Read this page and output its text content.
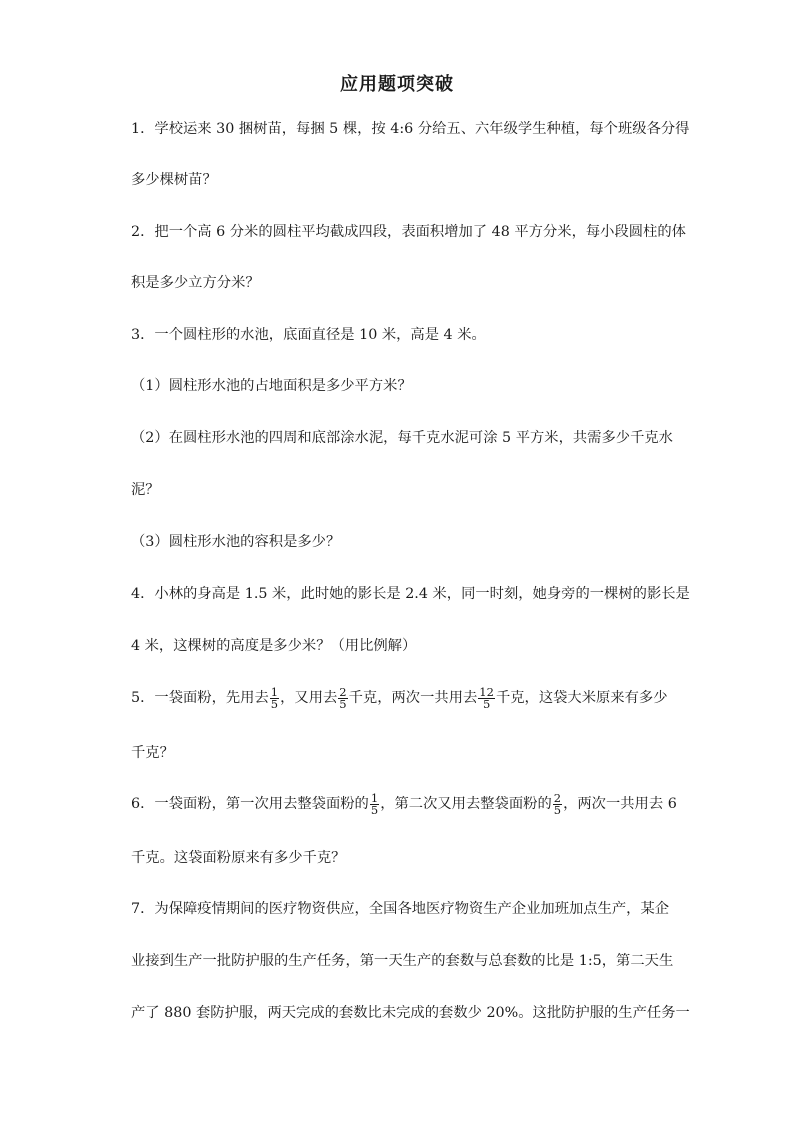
应用题项突破
1．学校运来 30 捆树苗，每捆 5 棵，按 4:6 分给五、六年级学生种植，每个班级各分得
多少棵树苗？
2．把一个高 6 分米的圆柱平均截成四段，表面积增加了 48 平方分米，每小段圆柱的体
积是多少立方分米？
3．一个圆柱形的水池，底面直径是 10 米，高是 4 米。
（1）圆柱形水池的占地面积是多少平方米？
（2）在圆柱形水池的四周和底部涂水泥，每千克水泥可涂 5 平方米，共需多少千克水
泥？
（3）圆柱形水池的容积是多少？
4．小林的身高是 1.5 米，此时她的影长是 2.4 米，同一时刻，她身旁的一棵树的影长是
4 米，这棵树的高度是多少米？（用比例解）
5．一袋面粉，先用去 $\frac{1}{5}$ ，又用去 $\frac{2}{5}$ 千克，两次一共用去 $\frac{12}{5}$ 千克，这袋大米原来有多少
千克？
6．一袋面粉，第一次用去整袋面粉的 $\frac{1}{5}$ ，第二次又用去整袋面粉的 $\frac{2}{5}$ ，两次一共用去 6
千克。这袋面粉原来有多少千克？
7．为保障疫情期间的医疗物资供应，全国各地医疗物资生产企业加班加点生产，某企
业接到生产一批防护服的生产任务，第一天生产的套数与总套数的比是 1:5，第二天生
产了 880 套防护服，两天完成的套数比未完成的套数少 20%。这批防护服的生产任务一
